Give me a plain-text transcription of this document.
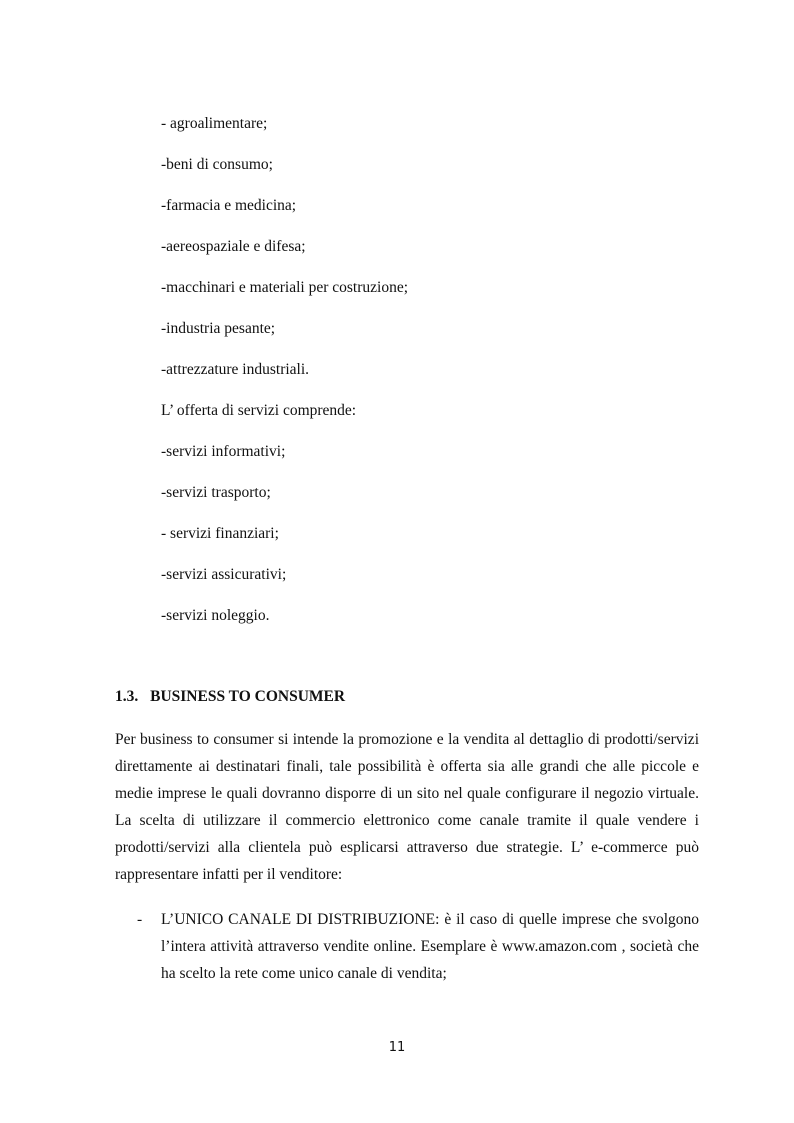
- agroalimentare;
-beni di consumo;
-farmacia e medicina;
-aereospaziale e difesa;
-macchinari e materiali per costruzione;
-industria pesante;
-attrezzature industriali.
L’ offerta di servizi comprende:
-servizi informativi;
-servizi trasporto;
- servizi finanziari;
-servizi assicurativi;
-servizi noleggio.
1.3. BUSINESS TO CONSUMER

Per business to consumer si intende la promozione e la vendita al dettaglio di prodotti/servizi direttamente ai destinatari finali, tale possibilità è offerta sia alle grandi che alle piccole e medie imprese le quali dovranno disporre di un sito nel quale configurare il negozio virtuale. La scelta di utilizzare il commercio elettronico come canale tramite il quale vendere i prodotti/servizi alla clientela può esplicarsi attraverso due strategie. L’ e-commerce può rappresentare infatti per il venditore:

- L’UNICO CANALE DI DISTRIBUZIONE: è il caso di quelle imprese che svolgono l’intera attività attraverso vendite online. Esemplare è www.amazon.com , società che ha scelto la rete come unico canale di vendita;

11
